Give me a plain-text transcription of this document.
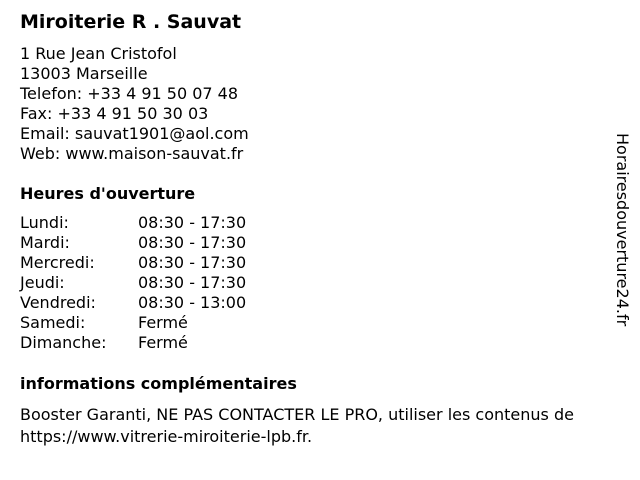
Miroiterie R . Sauvat
1 Rue Jean Cristofol
13003 Marseille
Telefon: +33 4 91 50 07 48
Fax: +33 4 91 50 30 03
Email: sauvat1901@aol.com
Web: www.maison-sauvat.fr
Heures d'ouverture
Lundi:	08:30 - 17:30
Mardi:	08:30 - 17:30
Mercredi:	08:30 - 17:30
Jeudi:	08:30 - 17:30
Vendredi:	08:30 - 13:00
Samedi:	Fermé
Dimanche: Fermé
informations complémentaires
Booster Garanti, NE PAS CONTACTER LE PRO, utiliser les contenus de
https://www.vitrerie-miroiterie-lpb.fr.
Horairesdouverture24.fr
